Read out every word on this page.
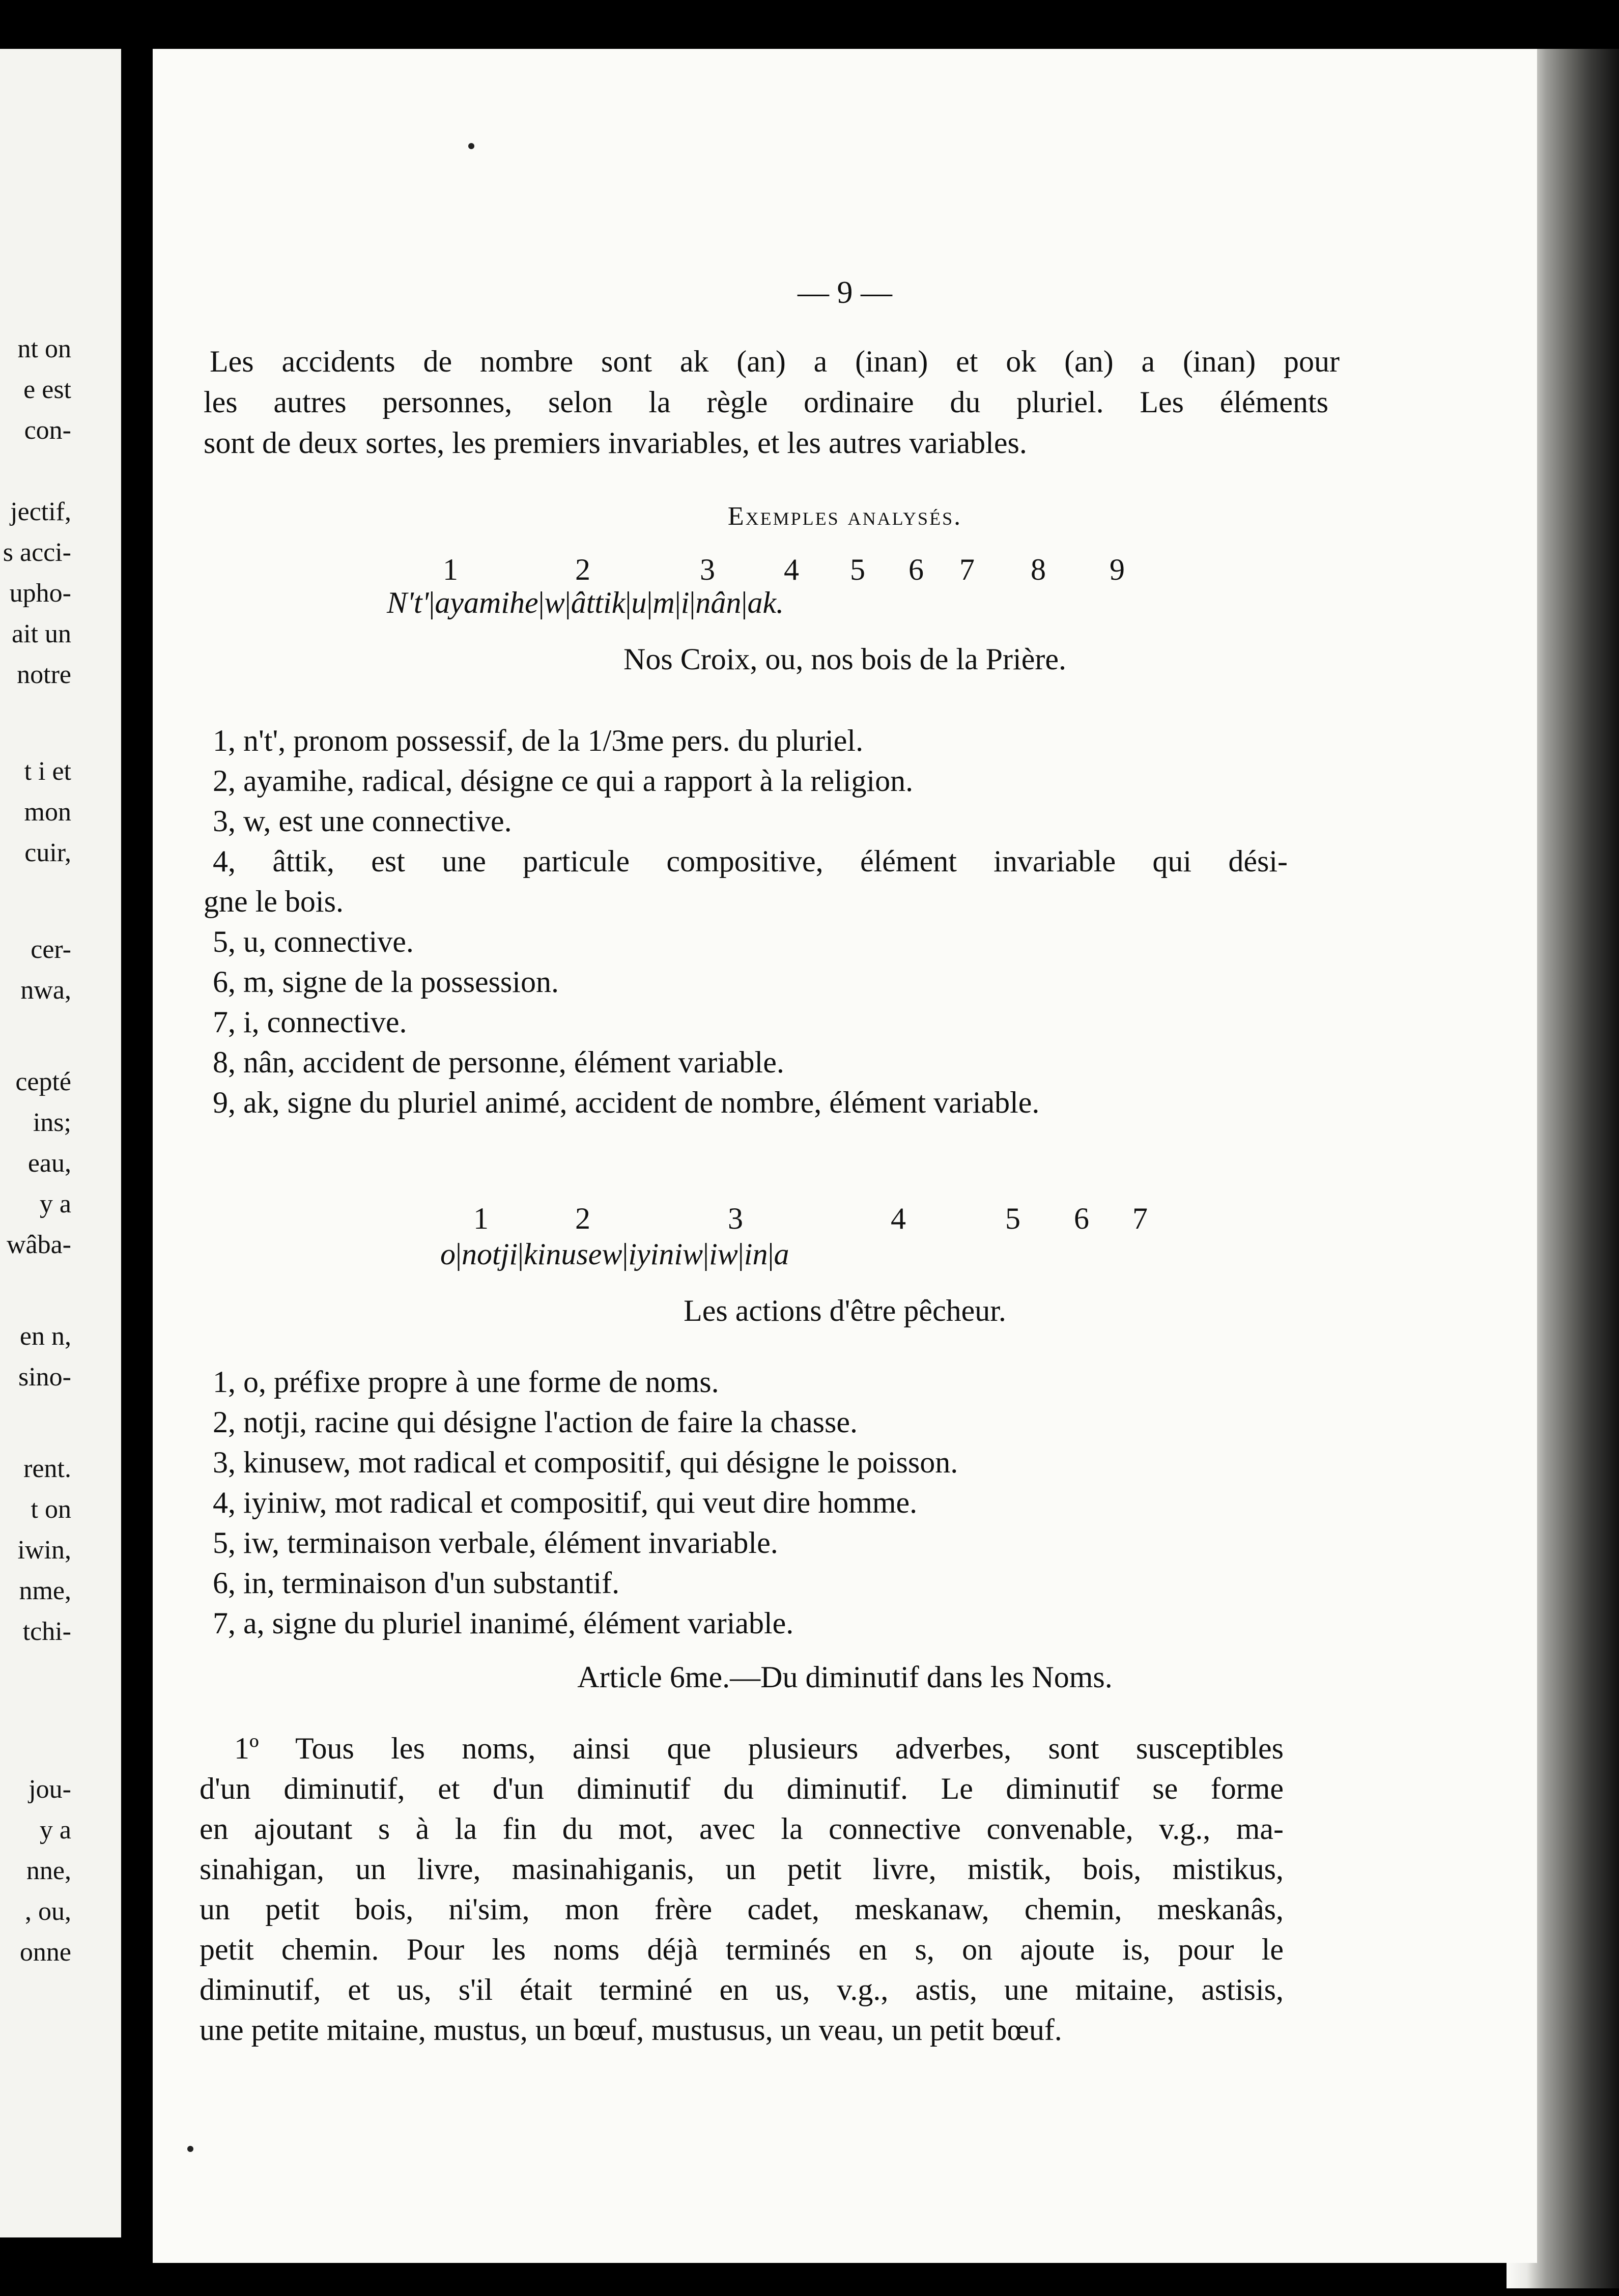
nt on
e est
con-
jectif,
s acci-
upho-
ait un
notre
t i et
mon
cuir,
cer-
nwa,
cepté
ins;
eau,
y a
wâba-
en n,
sino-
rent.
t on
iwin,
nme,
tchi-
jou-
y a
nne,
, ou,
onne
— 9 —
Les accidents de nombre sont ak (an) a (inan) et ok (an) a (inan) pour
les autres personnes, selon la règle ordinaire du pluriel. Les éléments
sont de deux sortes, les premiers invariables, et les autres variables.
Exemples analysés.
1	2	3 4 5 6 7 8 9
N't'|ayamihe|w|âttik|u|m|i|nân|ak.
Nos Croix, ou, nos bois de la Prière.
1, n't', pronom possessif, de la 1/3me pers. du pluriel.
2, ayamihe, radical, désigne ce qui a rapport à la religion.
3, w, est une connective.
4, âttik, est une particule compositive, élément invariable qui dési-
gne le bois.
5, u, connective.
6, m, signe de la possession.
7, i, connective.
8, nân, accident de personne, élément variable.
9, ak, signe du pluriel animé, accident de nombre, élément variable.
1	2	3	4	5 6 7
o|notji|kinusew|iyiniw|iw|in|a
Les actions d'être pêcheur.
1, o, préfixe propre à une forme de noms.
2, notji, racine qui désigne l'action de faire la chasse.
3, kinusew, mot radical et compositif, qui désigne le poisson.
4, iyiniw, mot radical et compositif, qui veut dire homme.
5, iw, terminaison verbale, élément invariable.
6, in, terminaison d'un substantif.
7, a, signe du pluriel inanimé, élément variable.
Article 6me.—Du diminutif dans les Noms.
1º Tous les noms, ainsi que plusieurs adverbes, sont susceptibles
d'un diminutif, et d'un diminutif du diminutif. Le diminutif se forme
en ajoutant s à la fin du mot, avec la connective convenable, v.g., ma-
sinahigan, un livre, masinahiganis, un petit livre, mistik, bois, mistikus,
un petit bois, ni'sim, mon frère cadet, meskanaw, chemin, meskanâs,
petit chemin. Pour les noms déjà terminés en s, on ajoute is, pour le
diminutif, et us, s'il était terminé en us, v.g., astis, une mitaine, astisis,
une petite mitaine, mustus, un bœuf, mustusus, un veau, un petit bœuf.
